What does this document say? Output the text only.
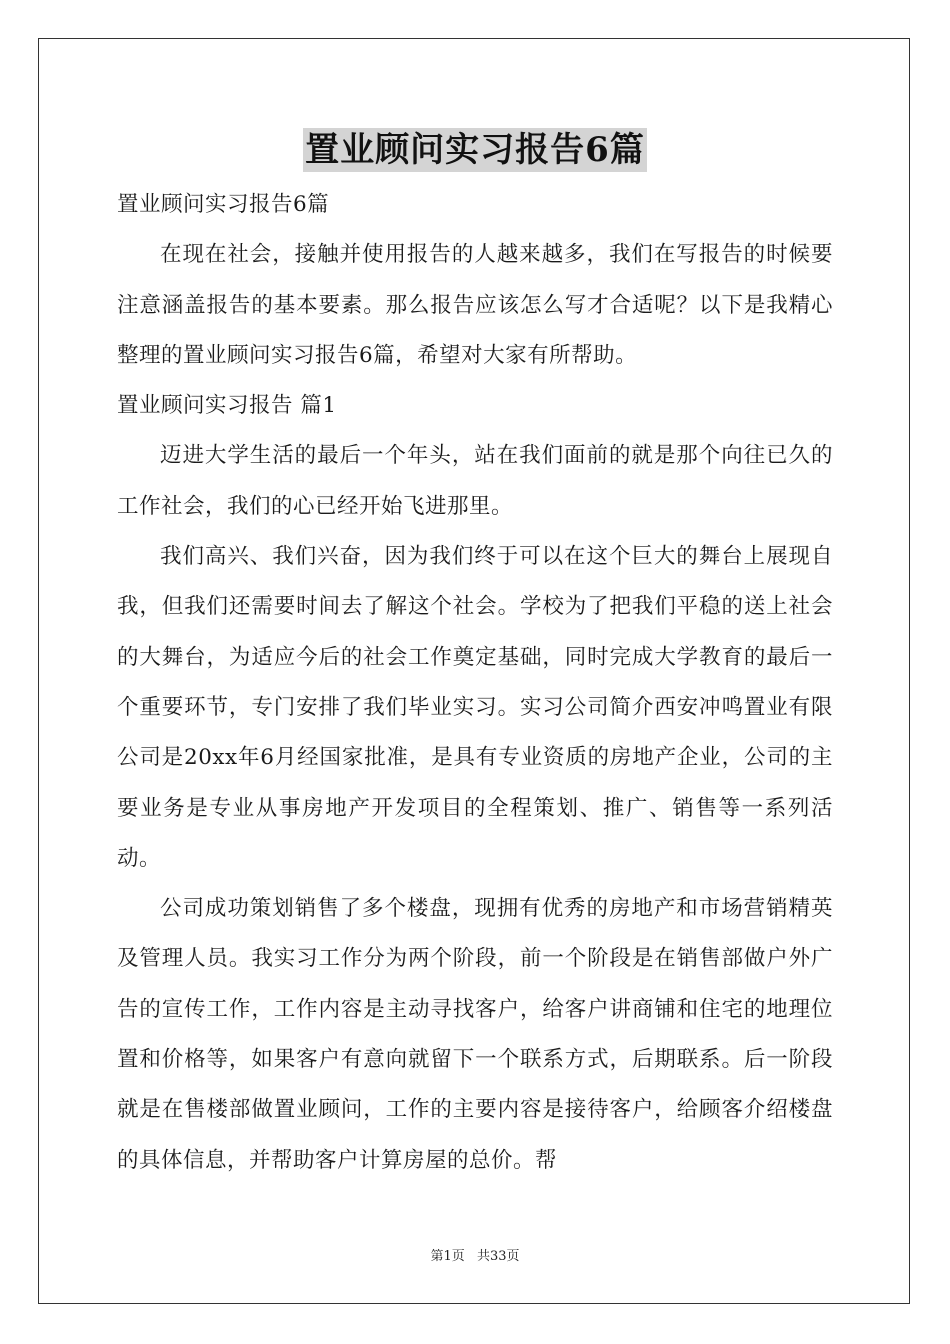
置业顾问实习报告6篇

置业顾问实习报告6篇

在现在社会，接触并使用报告的人越来越多，我们在写报告的时候要注意涵盖报告的基本要素。那么报告应该怎么写才合适呢？以下是我精心整理的置业顾问实习报告6篇，希望对大家有所帮助。

置业顾问实习报告 篇1

迈进大学生活的最后一个年头，站在我们面前的就是那个向往已久的工作社会，我们的心已经开始飞进那里。

我们高兴、我们兴奋，因为我们终于可以在这个巨大的舞台上展现自我，但我们还需要时间去了解这个社会。学校为了把我们平稳的送上社会的大舞台，为适应今后的社会工作奠定基础，同时完成大学教育的最后一个重要环节，专门安排了我们毕业实习。实习公司简介西安冲鸣置业有限公司是20xx年6月经国家批准，是具有专业资质的房地产企业，公司的主要业务是专业从事房地产开发项目的全程策划、推广、销售等一系列活动。

公司成功策划销售了多个楼盘，现拥有优秀的房地产和市场营销精英及管理人员。我实习工作分为两个阶段，前一个阶段是在销售部做户外广告的宣传工作，工作内容是主动寻找客户，给客户讲商铺和住宅的地理位置和价格等，如果客户有意向就留下一个联系方式，后期联系。后一阶段就是在售楼部做置业顾问，工作的主要内容是接待客户，给顾客介绍楼盘的具体信息，并帮助客户计算房屋的总价。帮

第1页 共33页
